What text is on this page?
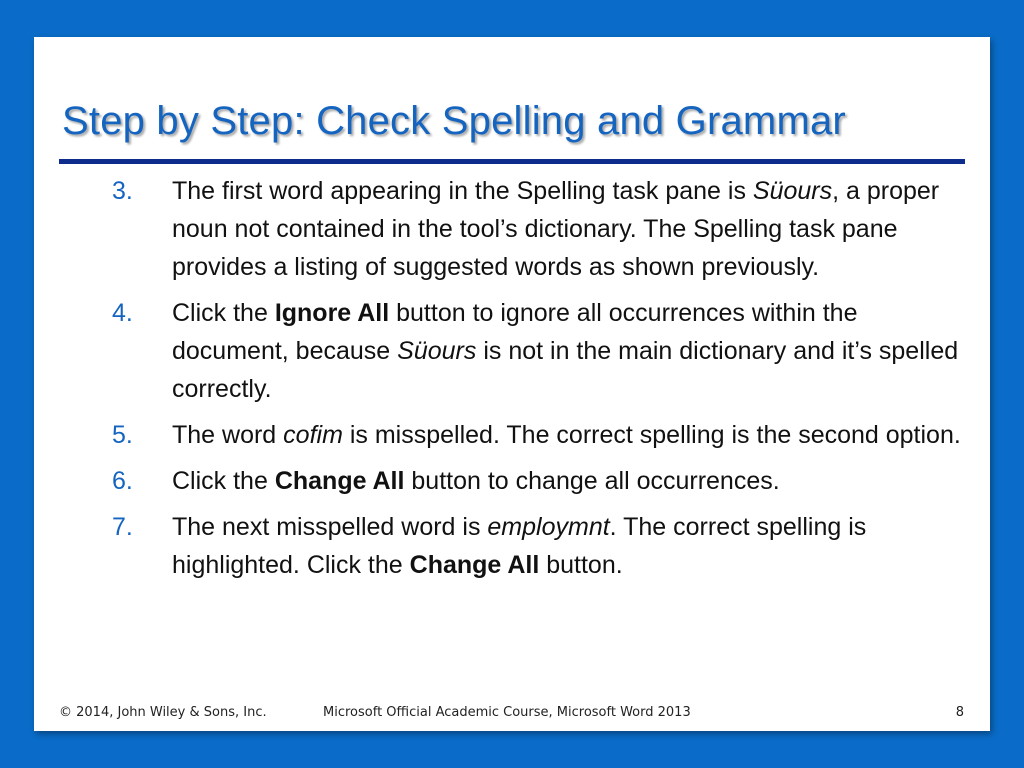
Step by Step: Check Spelling and Grammar
3. The first word appearing in the Spelling task pane is Süours, a proper noun not contained in the tool’s dictionary. The Spelling task pane provides a listing of suggested words as shown previously.
4. Click the Ignore All button to ignore all occurrences within the document, because Süours is not in the main dictionary and it’s spelled correctly.
5. The word cofim is misspelled. The correct spelling is the second option.
6. Click the Change All button to change all occurrences.
7. The next misspelled word is employmnt. The correct spelling is highlighted. Click the Change All button.
© 2014, John Wiley & Sons, Inc.	Microsoft Official Academic Course, Microsoft Word 2013	8
